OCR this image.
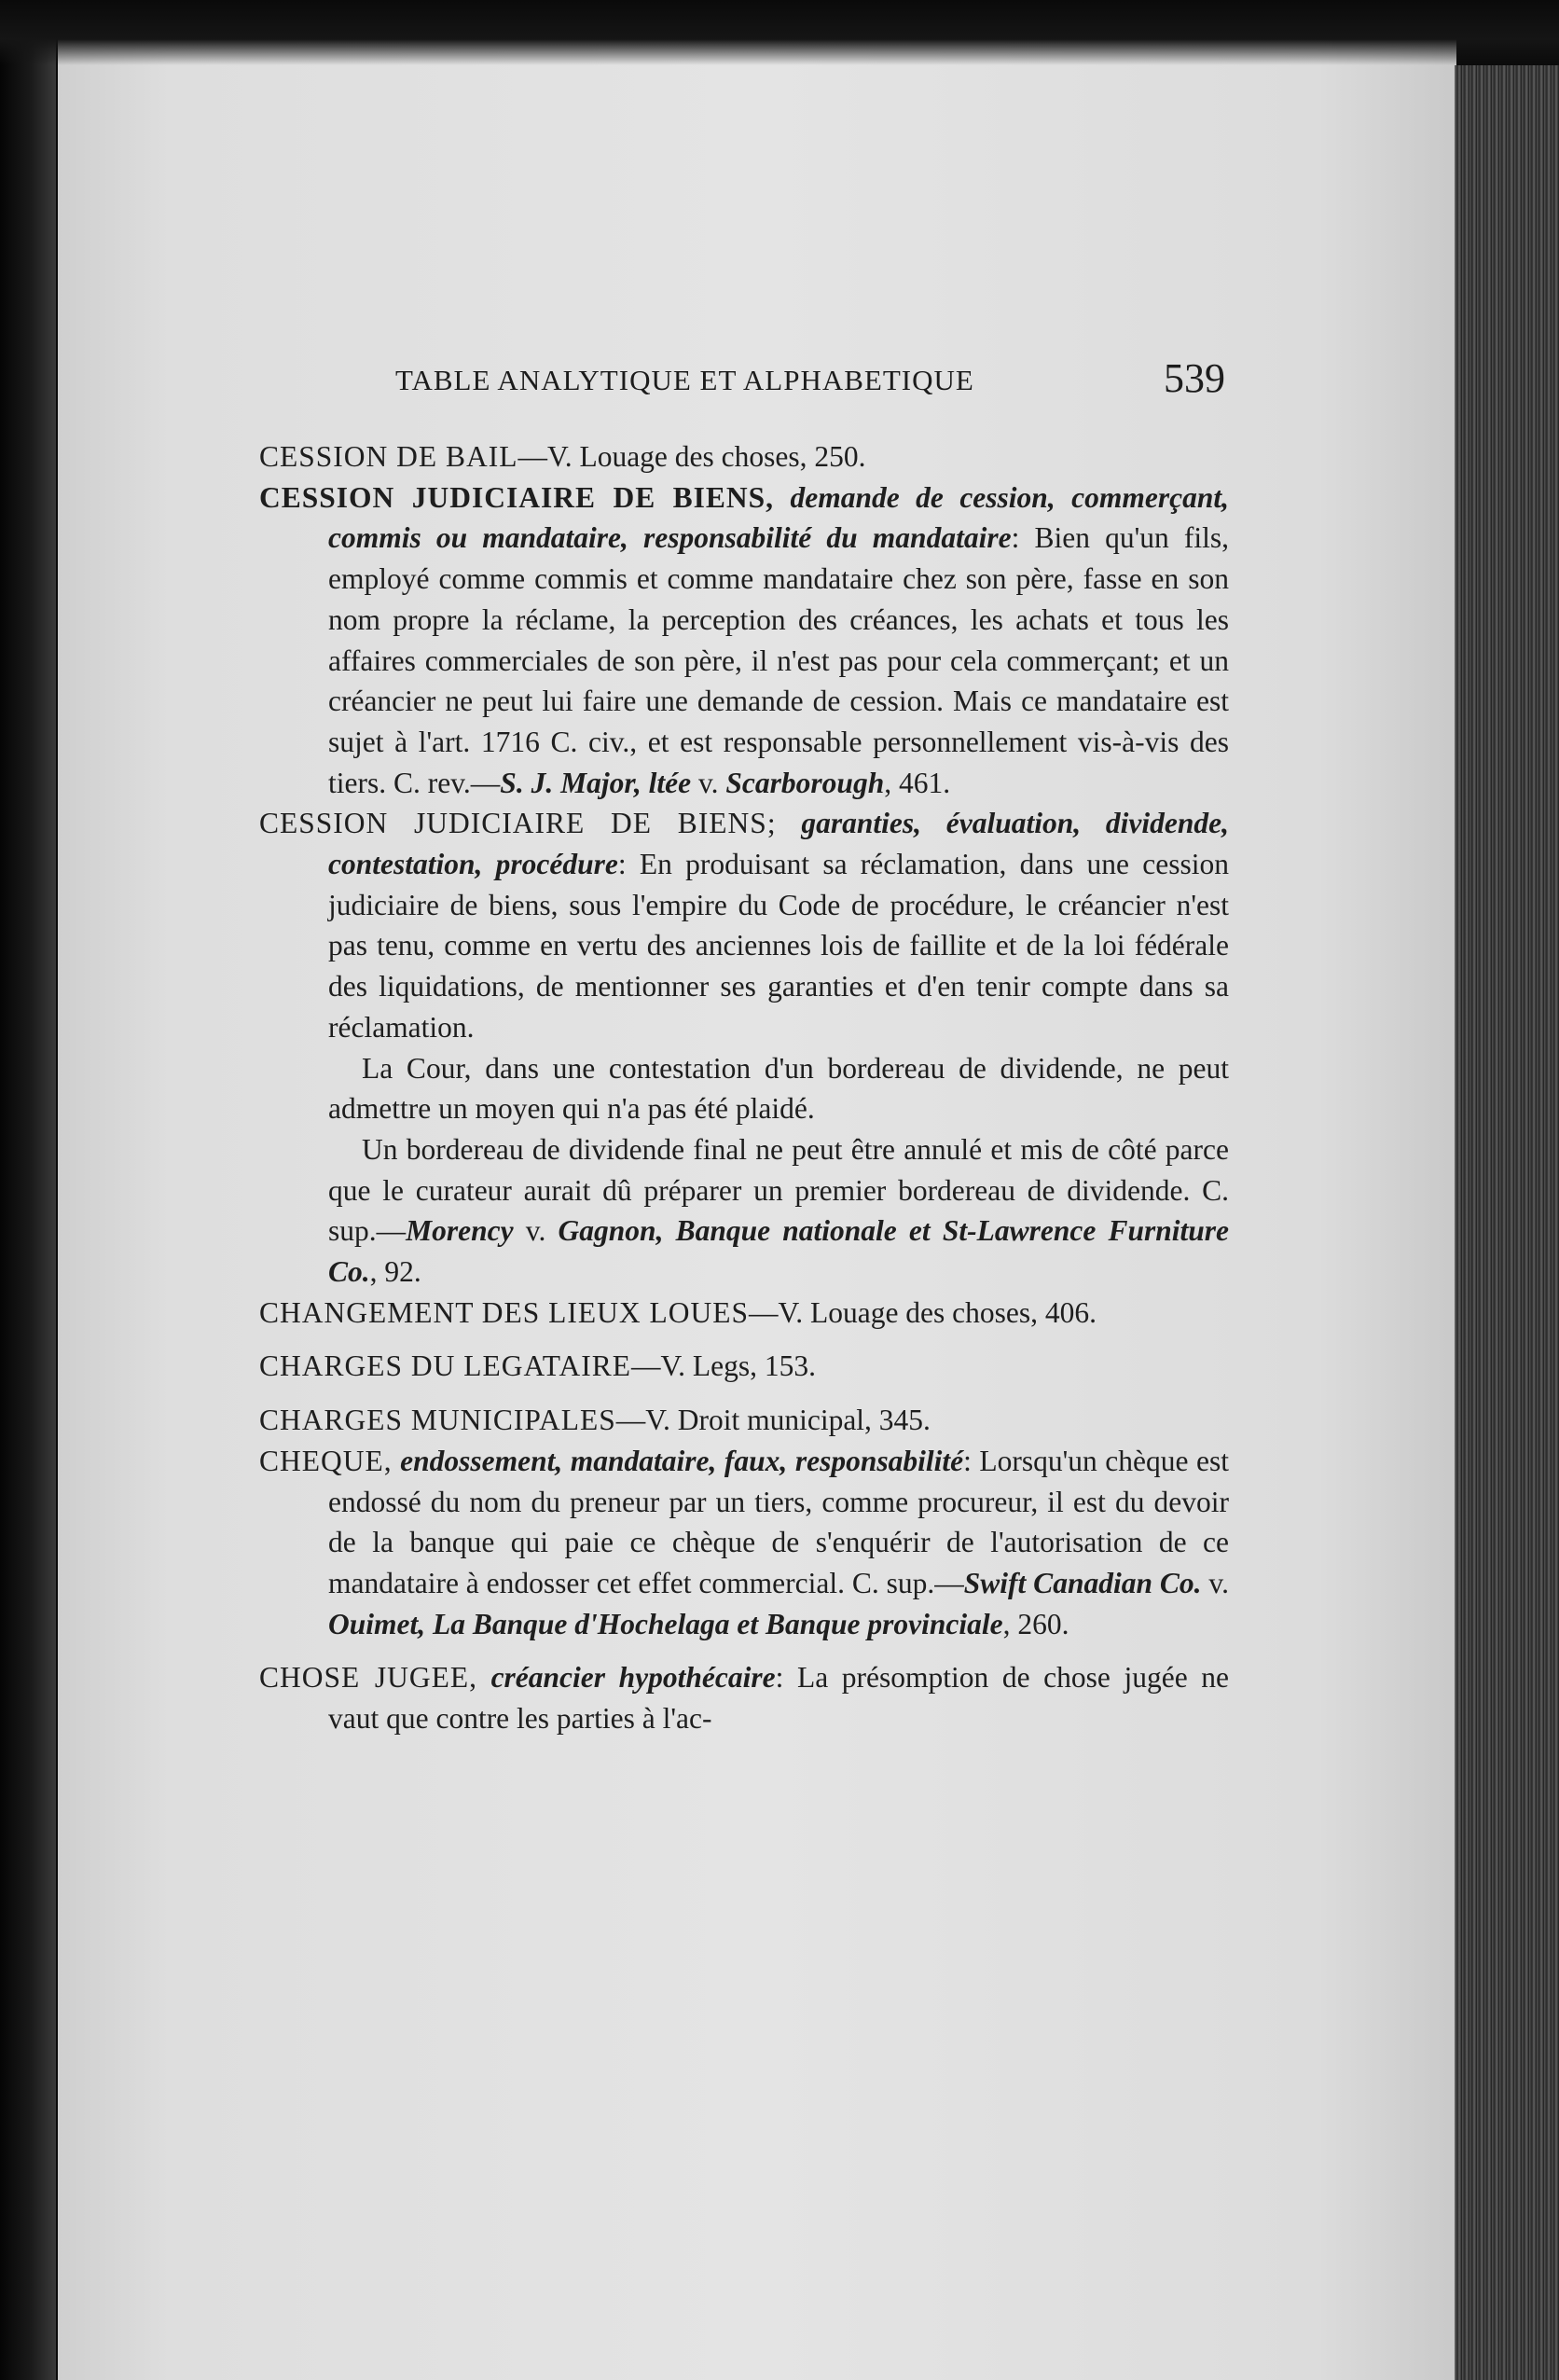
TABLE ANALYTIQUE ET ALPHABETIQUE	539

CESSION DE BAIL—V. Louage des choses, 250.

CESSION JUDICIAIRE DE BIENS, demande de cession, commerçant, commis ou mandataire, responsabilité du mandataire: Bien qu'un fils, employé comme commis et comme mandataire chez son père, fasse en son nom propre la réclame, la perception des créances, les achats et tous les affaires commerciales de son père, il n'est pas pour cela commerçant; et un créancier ne peut lui faire une demande de cession. Mais ce mandataire est sujet à l'art. 1716 C. civ., et est responsable personnellement vis-à-vis des tiers. C. rev.—S. J. Major, ltée v. Scarborough, 461.

CESSION JUDICIAIRE DE BIENS; garanties, évaluation, dividende, contestation, procédure: En produisant sa réclamation, dans une cession judiciaire de biens, sous l'empire du Code de procédure, le créancier n'est pas tenu, comme en vertu des anciennes lois de faillite et de la loi fédérale des liquidations, de mentionner ses garanties et d'en tenir compte dans sa réclamation.

La Cour, dans une contestation d'un bordereau de dividende, ne peut admettre un moyen qui n'a pas été plaidé.

Un bordereau de dividende final ne peut être annulé et mis de côté parce que le curateur aurait dû préparer un premier bordereau de dividende. C. sup.—Morency v. Gagnon, Banque nationale et St-Lawrence Furniture Co., 92.

CHANGEMENT DES LIEUX LOUES—V. Louage des choses, 406.

CHARGES DU LEGATAIRE—V. Legs, 153.

CHARGES MUNICIPALES—V. Droit municipal, 345.

CHEQUE, endossement, mandataire, faux, responsabilité: Lorsqu'un chèque est endossé du nom du preneur par un tiers, comme procureur, il est du devoir de la banque qui paie ce chèque de s'enquérir de l'autorisation de ce mandataire à endosser cet effet commercial. C. sup.—Swift Canadian Co. v. Ouimet, La Banque d'Hochelaga et Banque provinciale, 260.

CHOSE JUGEE, créancier hypothécaire: La présomption de chose jugée ne vaut que contre les parties à l'ac-
